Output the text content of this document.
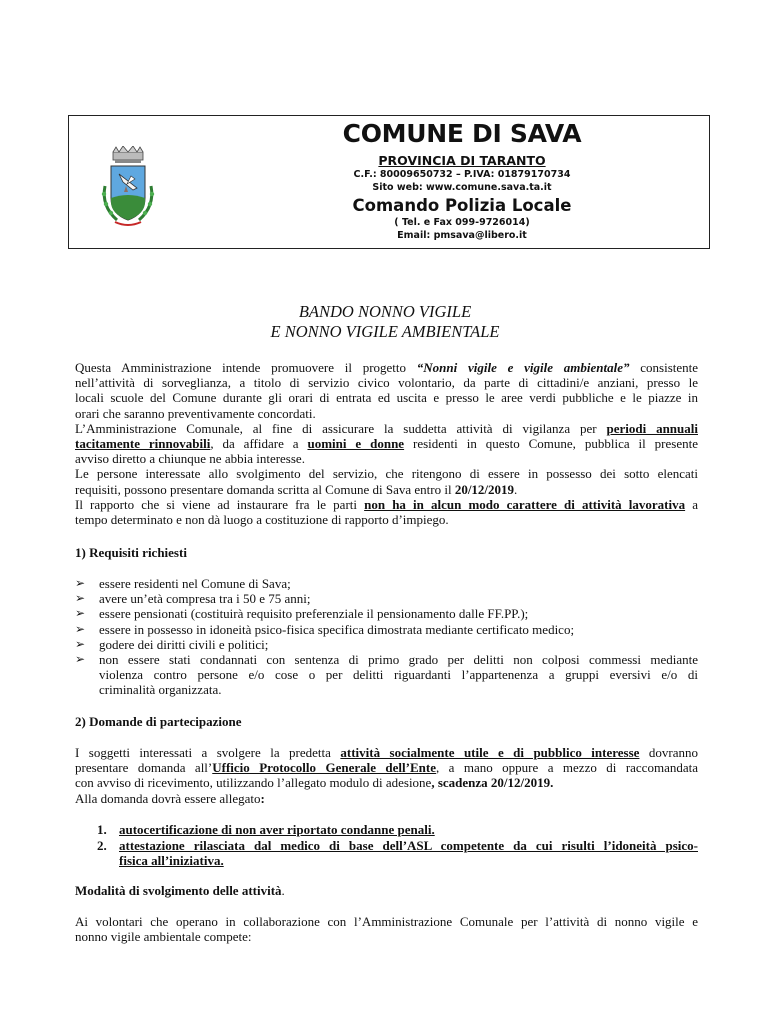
COMUNE DI SAVA
PROVINCIA DI TARANTO
C.F.: 80009650732 – P.IVA: 01879170734
Sito web: www.comune.sava.ta.it
Comando Polizia Locale
( Tel. e Fax 099-9726014)
Email: pmsava@libero.it
BANDO NONNO VIGILE
E NONNO VIGILE AMBIENTALE
Questa Amministrazione intende promuovere il progetto “Nonni vigile e vigile ambientale” consistente
nell’attività di sorveglianza, a titolo di servizio civico volontario, da parte di cittadini/e anziani, presso le
locali scuole del Comune durante gli orari di entrata ed uscita e presso le aree verdi pubbliche e le piazze in
orari che saranno preventivamente concordati.
L’Amministrazione Comunale, al fine di assicurare la suddetta attività di vigilanza per periodi annuali
tacitamente rinnovabili, da affidare a uomini e donne residenti in questo Comune, pubblica il presente
avviso diretto a chiunque ne abbia interesse.
Le persone interessate allo svolgimento del servizio, che ritengono di essere in possesso dei sotto elencati
requisiti, possono presentare domanda scritta al Comune di Sava entro il 20/12/2019.
Il rapporto che si viene ad instaurare fra le parti non ha in alcun modo carattere di attività lavorativa a
tempo determinato e non dà luogo a costituzione di rapporto d’impiego.
1) Requisiti richiesti
➢ essere residenti nel Comune di Sava;
➢ avere un’età compresa tra i 50 e 75 anni;
➢ essere pensionati (costituirà requisito preferenziale il pensionamento dalle FF.PP.);
➢ essere in possesso in idoneità psico-fisica specifica dimostrata mediante certificato medico;
➢ godere dei diritti civili e politici;
➢ non essere stati condannati con sentenza di primo grado per delitti non colposi commessi mediante
violenza contro persone e/o cose o per delitti riguardanti l’appartenenza a gruppi eversivi e/o di
criminalità organizzata.
2) Domande di partecipazione
I soggetti interessati a svolgere la predetta attività socialmente utile e di pubblico interesse dovranno
presentare domanda all’Ufficio Protocollo Generale dell’Ente, a mano oppure a mezzo di raccomandata
con avviso di ricevimento, utilizzando l’allegato modulo di adesione, scadenza 20/12/2019.
Alla domanda dovrà essere allegato:
1. autocertificazione di non aver riportato condanne penali.
2. attestazione rilasciata dal medico di base dell’ASL competente da cui risulti l’idoneità psico-
fisica all’iniziativa.
Modalità di svolgimento delle attività.
Ai volontari che operano in collaborazione con l’Amministrazione Comunale per l’attività di nonno vigile e
nonno vigile ambientale compete:
